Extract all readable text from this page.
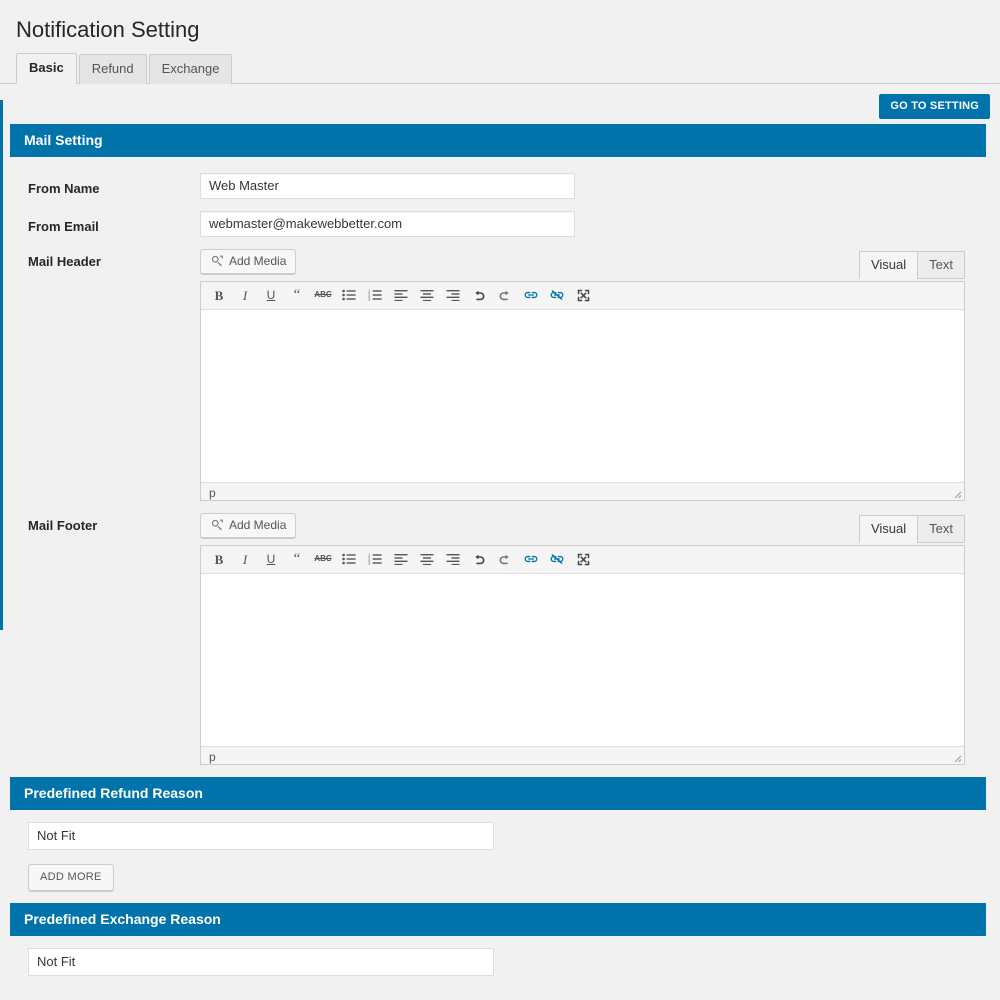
Notification Setting
Basic	Refund	Exchange
GO TO SETTING
Mail Setting
From Name
Web Master
From Email
webmaster@makewebbetter.com
Mail Header	Add Media	Visual	Text
B I U “ ABC	1
2
3
p
Mail Footer	Add Media	Visual	Text
B I U “ ABC	1
2
3
p
Predefined Refund Reason
Not Fit
ADD MORE
Predefined Exchange Reason
Not Fit
